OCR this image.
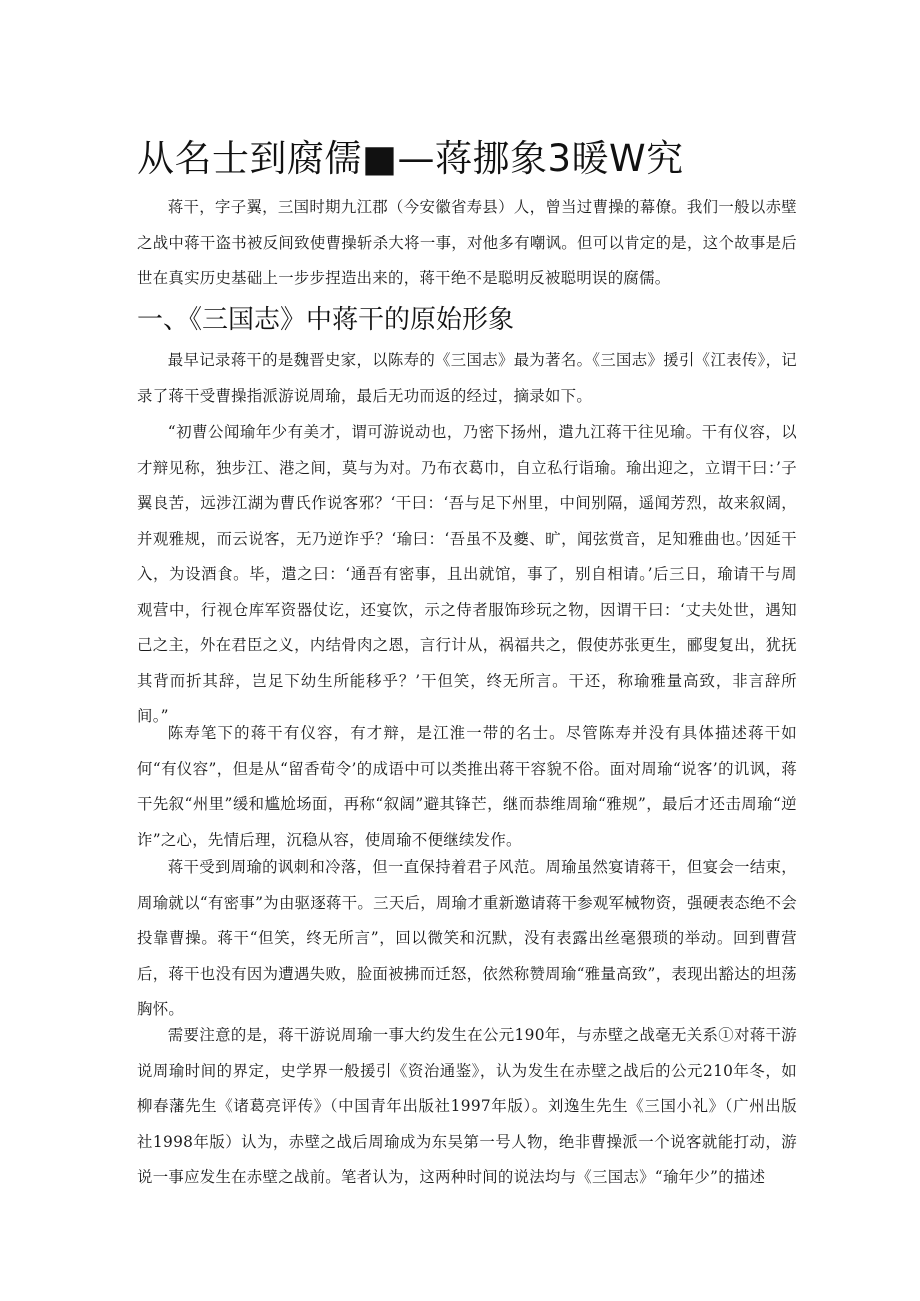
从名士到腐儒■—蒋挪象3暖W究

蒋干，字子翼，三国时期九江郡（今安徽省寿县）人，曾当过曹操的幕僚。我们一般以赤壁之战中蒋干盗书被反间致使曹操斩杀大将一事，对他多有嘲讽。但可以肯定的是，这个故事是后世在真实历史基础上一步步捏造出来的，蒋干绝不是聪明反被聪明误的腐儒。

一、《三国志》中蒋干的原始形象

最早记录蒋干的是魏晋史家，以陈寿的《三国志》最为著名。《三国志》援引《江表传》，记录了蒋干受曹操指派游说周瑜，最后无功而返的经过，摘录如下。

“初曹公闻瑜年少有美才，谓可游说动也，乃密下扬州，遣九江蒋干往见瑜。干有仪容，以才辩见称，独步江、港之间，莫与为对。乃布衣葛巾，自立私行诣瑜。瑜出迎之，立谓干曰：’子翼良苦，远涉江湖为曹氏作说客邪？‘干曰：‘吾与足下州里，中间别隔，遥闻芳烈，故来叙阔，并观雅规，而云说客，无乃逆诈乎？‘瑜曰：‘吾虽不及夔、旷，闻弦赏音，足知雅曲也。’因延干入，为设酒食。毕，遣之曰：‘通吾有密事，且出就馆，事了，别自相请。’后三日，瑜请干与周观营中，行视仓库军资器仗讫，还宴饮，示之侍者服饰珍玩之物，因谓干曰：‘丈夫处世，遇知己之主，外在君臣之义，内结骨肉之恩，言行计从，祸福共之，假使苏张更生，郦叟复出，犹抚其背而折其辞，岂足下幼生所能移乎？’干但笑，终无所言。干还，称瑜雅量高致，非言辞所间。”

陈寿笔下的蒋干有仪容，有才辩，是江淮一带的名士。尽管陈寿并没有具体描述蒋干如何“有仪容”，但是从“留香荀令’的成语中可以类推出蒋干容貌不俗。面对周瑜“说客’的讥讽，蒋干先叙“州里”缓和尴尬场面，再称“叙阔”避其锋芒，继而恭维周瑜“雅规”，最后才还击周瑜“逆诈”之心，先情后理，沉稳从容，使周瑜不便继续发作。

蒋干受到周瑜的讽刺和冷落，但一直保持着君子风范。周瑜虽然宴请蒋干，但宴会一结束，周瑜就以“有密事”为由驱逐蒋干。三天后，周瑜才重新邀请蒋干参观军械物资，强硬表态绝不会投靠曹操。蒋干“但笑，终无所言”，回以微笑和沉默，没有表露出丝毫猥琐的举动。回到曹营后，蒋干也没有因为遭遇失败，脸面被拂而迁怒，依然称赞周瑜“雅量高致”，表现出豁达的坦荡胸怀。

需要注意的是，蒋干游说周瑜一事大约发生在公元190年，与赤壁之战毫无关系①对蒋干游说周瑜时间的界定，史学界一般援引《资治通鉴》，认为发生在赤壁之战后的公元210年冬，如柳春藩先生《诸葛亮评传》（中国青年出版社1997年版）。刘逸生先生《三国小礼》（广州出版社1998年版）认为，赤壁之战后周瑜成为东吴第一号人物，绝非曹操派一个说客就能打动，游说一事应发生在赤壁之战前。笔者认为，这两种时间的说法均与《三国志》“瑜年少”的描述
